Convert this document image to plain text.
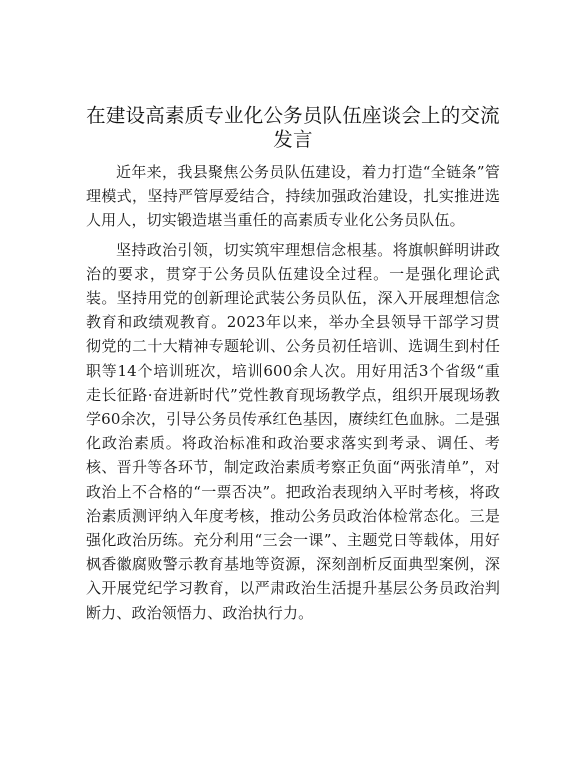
在建设高素质专业化公务员队伍座谈会上的交流发言

近年来，我县聚焦公务员队伍建设，着力打造“全链条”管理模式，坚持严管厚爱结合，持续加强政治建设，扎实推进选人用人，切实锻造堪当重任的高素质专业化公务员队伍。

坚持政治引领，切实筑牢理想信念根基。将旗帜鲜明讲政治的要求，贯穿于公务员队伍建设全过程。一是强化理论武装。坚持用党的创新理论武装公务员队伍，深入开展理想信念教育和政绩观教育。2023年以来，举办全县领导干部学习贯彻党的二十大精神专题轮训、公务员初任培训、选调生到村任职等14个培训班次，培训600余人次。用好用活3个省级“重走长征路·奋进新时代”党性教育现场教学点，组织开展现场教学60余次，引导公务员传承红色基因，赓续红色血脉。二是强化政治素质。将政治标准和政治要求落实到考录、调任、考核、晋升等各环节，制定政治素质考察正负面“两张清单”，对政治上不合格的“一票否决”。把政治表现纳入平时考核，将政治素质测评纳入年度考核，推动公务员政治体检常态化。三是强化政治历练。充分利用“三会一课”、主题党日等载体，用好枫香徽腐败警示教育基地等资源，深刻剖析反面典型案例，深入开展党纪学习教育，以严肃政治生活提升基层公务员政治判断力、政治领悟力、政治执行力。
